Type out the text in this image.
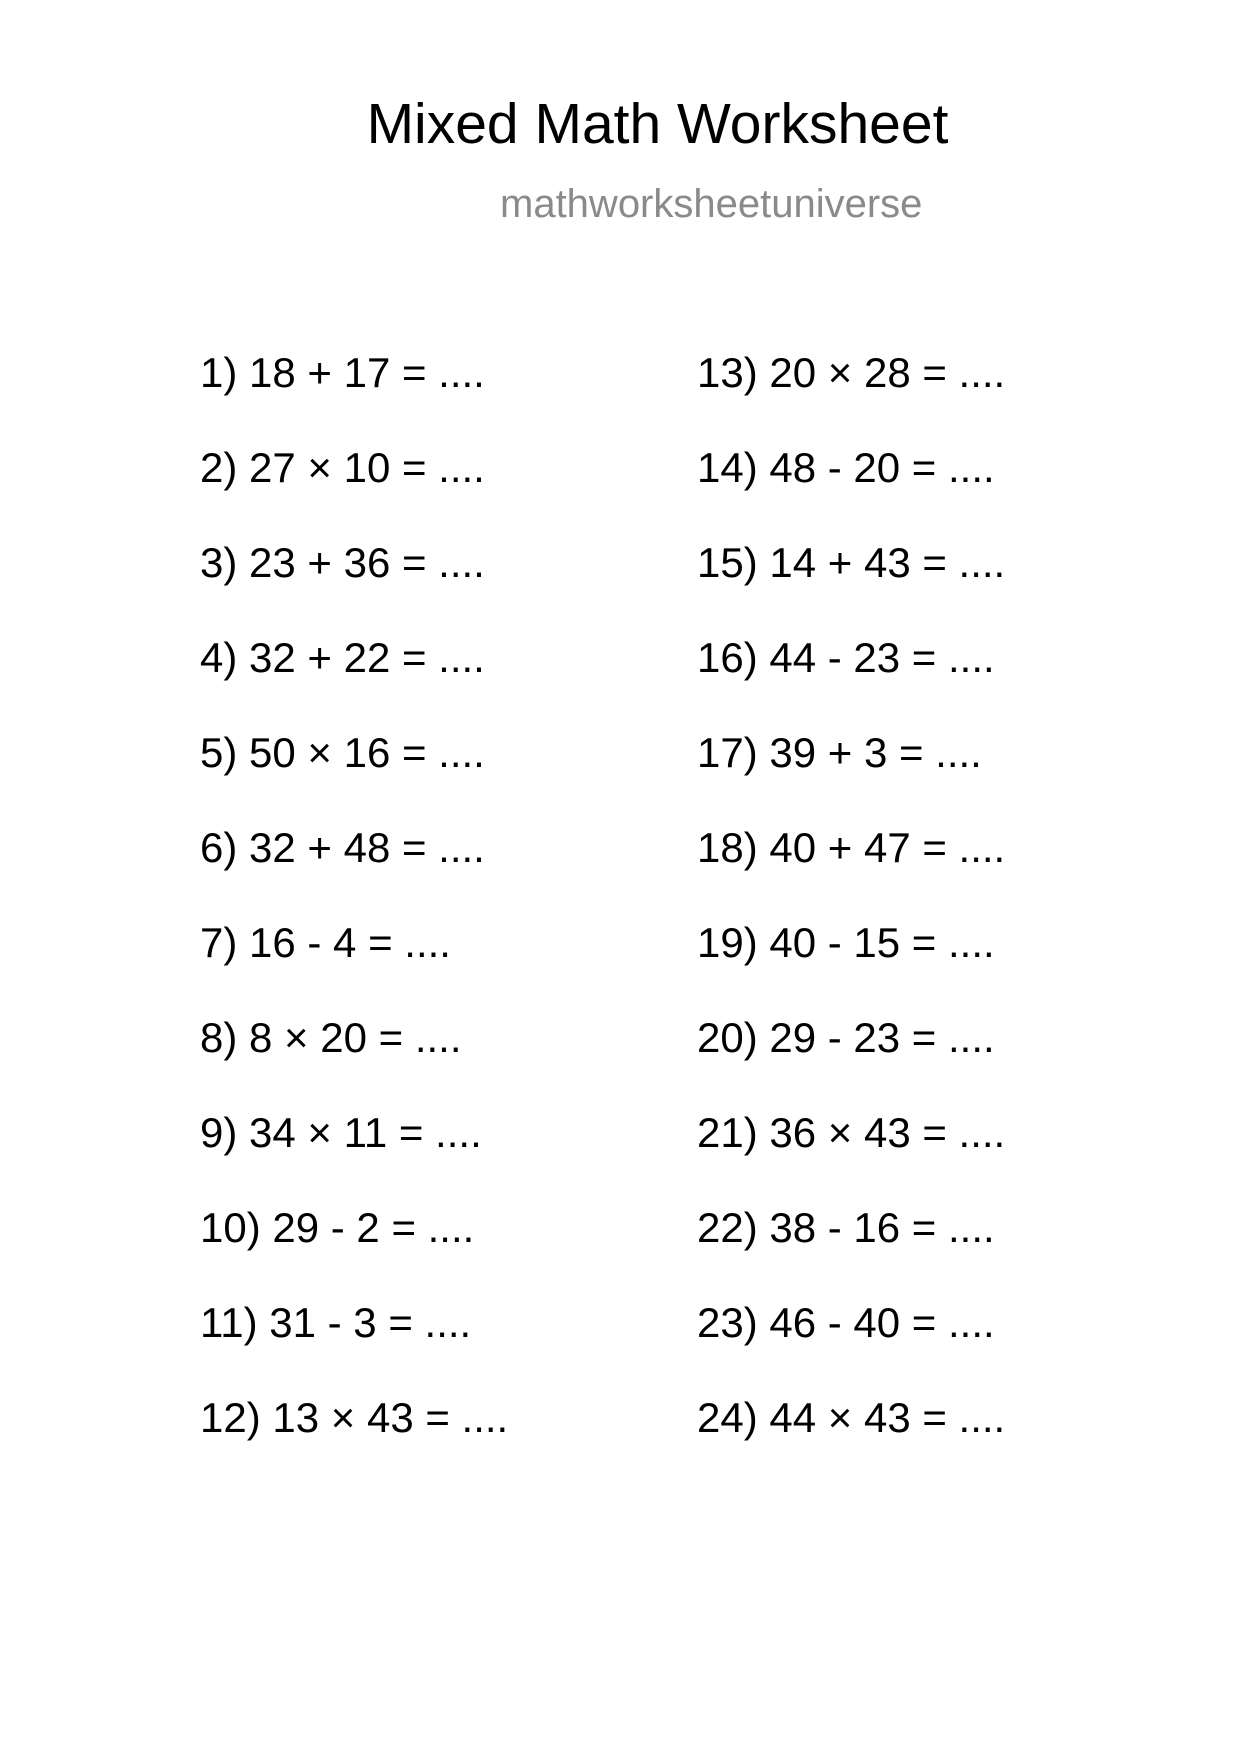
Mixed Math Worksheet
mathworksheetuniverse
1) 18 + 17 = ....
2) 27 × 10 = ....
3) 23 + 36 = ....
4) 32 + 22 = ....
5) 50 × 16 = ....
6) 32 + 48 = ....
7) 16 - 4 = ....
8) 8 × 20 = ....
9) 34 × 11 = ....
10) 29 - 2 = ....
11) 31 - 3 = ....
12) 13 × 43 = ....
13) 20 × 28 = ....
14) 48 - 20 = ....
15) 14 + 43 = ....
16) 44 - 23 = ....
17) 39 + 3 = ....
18) 40 + 47 = ....
19) 40 - 15 = ....
20) 29 - 23 = ....
21) 36 × 43 = ....
22) 38 - 16 = ....
23) 46 - 40 = ....
24) 44 × 43 = ....
